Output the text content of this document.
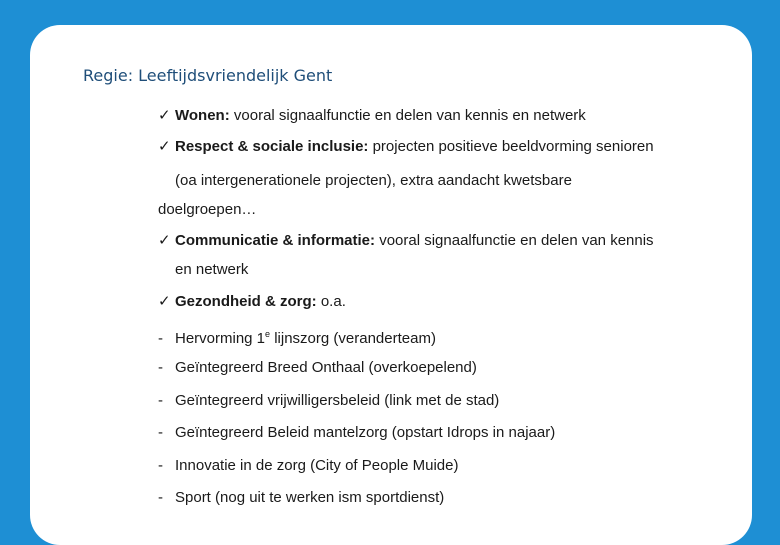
Regie: Leeftijdsvriendelijk Gent
✓ Wonen: vooral signaalfunctie en delen van kennis en netwerk
✓ Respect & sociale inclusie: projecten positieve beeldvorming senioren
(oa intergenerationele projecten), extra aandacht kwetsbare
doelgroepen…
✓ Communicatie & informatie: vooral signaalfunctie en delen van kennis
en netwerk
✓ Gezondheid & zorg: o.a.
- Hervorming 1e lijnszorg (veranderteam)
- Geïntegreerd Breed Onthaal (overkoepelend)
- Geïntegreerd vrijwilligersbeleid (link met de stad)
- Geïntegreerd Beleid mantelzorg (opstart Idrops in najaar)
- Innovatie in de zorg (City of People Muide)
- Sport (nog uit te werken ism sportdienst)
